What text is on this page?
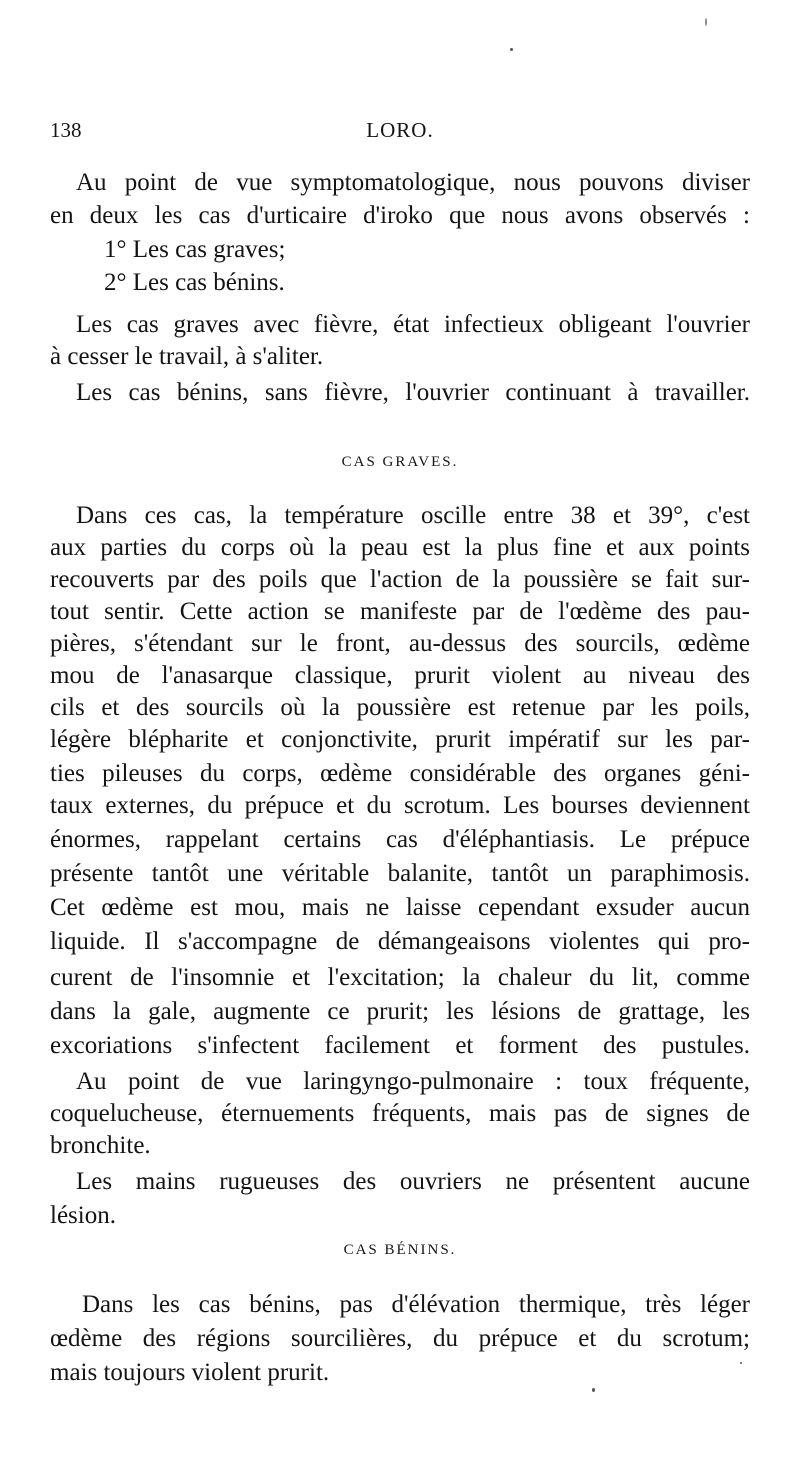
138	LORO.
Au point de vue symptomatologique, nous pouvons diviser
en deux les cas d'urticaire d'iroko que nous avons observés :
1° Les cas graves;
2° Les cas bénins.
Les cas graves avec fièvre, état infectieux obligeant l'ouvrier
à cesser le travail, à s'aliter.
Les cas bénins, sans fièvre, l'ouvrier continuant à travailler.
CAS GRAVES.
Dans ces cas, la température oscille entre 38 et 39°, c'est
aux parties du corps où la peau est la plus fine et aux points
recouverts par des poils que l'action de la poussière se fait sur-
tout sentir. Cette action se manifeste par de l'œdème des pau-
pières, s'étendant sur le front, au-dessus des sourcils, œdème
mou de l'anasarque classique, prurit violent au niveau des
cils et des sourcils où la poussière est retenue par les poils,
légère blépharite et conjonctivite, prurit impératif sur les par-
ties pileuses du corps, œdème considérable des organes géni-
taux externes, du prépuce et du scrotum. Les bourses deviennent
énormes, rappelant certains cas d'éléphantiasis. Le prépuce
présente tantôt une véritable balanite, tantôt un paraphimosis.
Cet œdème est mou, mais ne laisse cependant exsuder aucun
liquide. Il s'accompagne de démangeaisons violentes qui pro-
curent de l'insomnie et l'excitation; la chaleur du lit, comme
dans la gale, augmente ce prurit; les lésions de grattage, les
excoriations s'infectent facilement et forment des pustules.
Au point de vue laringyngo-pulmonaire : toux fréquente,
coquelucheuse, éternuements fréquents, mais pas de signes de
bronchite.
Les mains rugueuses des ouvriers ne présentent aucune
lésion.
CAS BÉNINS.
Dans les cas bénins, pas d'élévation thermique, très léger
œdème des régions sourcilières, du prépuce et du scrotum;
mais toujours violent prurit.
